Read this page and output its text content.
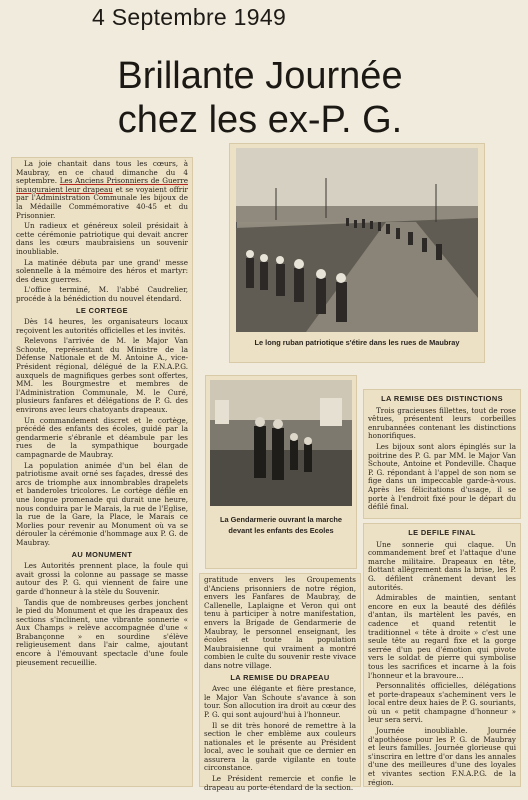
4 Septembre 1949
Brillante Journée
chez les ex-P. G.

La joie chantait dans tous les cœurs, à Maubray, en ce chaud dimanche du 4 septembre. Les Anciens Prisonniers de Guerre inauguraient leur drapeau et se voyaient offrir par l'Administration Communale les bijoux de la Médaille Commémorative 40-45 et du Prisonnier.

Un radieux et généreux soleil présidait à cette cérémonie patriotique qui devait ancrer dans les cœurs maubraisiens un souvenir inoubliable.

La matinée débuta par une grand' messe solennelle à la mémoire des héros et martyr: des deux guerres.

L'office terminé, M. l'abbé Caudrelier, procéde à la bénédiction du nouvel étendard.

LE CORTEGE

Dès 14 heures, les organisateurs locaux reçoivent les autorités officielles et les invités.

Relevons l'arrivée de M. le Major Van Schoute, représentant du Ministre de la Défense Nationale et de M. Antoine A., vice-Président régional, délégué de la F.N.A.P.G. auxquels de magnifiques gerbes sont offertes, MM. les Bourgmestre et membres de l'Administration Communale, M. le Curé, plusieurs fanfares et délégations de P. G. des environs avec leurs chatoyants drapeaux.

Un commandement discret et le cortège, précédé des enfants des écoles, guidé par la gendarmerie s'ébranle et déambule par les rues de la sympathique bourgade campagnarde de Maubray.

La population animée d'un bel élan de patriotisme avait orné ses façades, dressé des arcs de triomphe aux innombrables drapelets et banderoles tricolores. Le cortège défile en une longue promenade qui durait une heure, nous conduira par le Marais, la rue de l'Eglise, la rue de la Gare, la Place, le Marais ce Morlies pour revenir au Monument où va se dérouler la cérémonie d'hommage aux P. G. de Maubray.

AU MONUMENT

Les Autorités prennent place, la foule qui avait grossi la colonne au passage se masse autour des P. G. qui viennent de faire une garde d'honneur à la stèle du Souvenir.

Tandis que de nombreuses gerbes jonchent le pied du Monument et que les drapeaux des sections s'inclinent, une vibrante sonnerie « Aux Champs » relève accompagnée d'une « Brabançonne » en sourdine s'élève religieusement dans l'air calme, ajoutant encore à l'émouvant spectacle d'une foule pieusement recueillie.

Le long ruban patriotique s'étire dans les rues de Maubray
La Gendarmerie ouvrant la marche devant les enfants des Ecoles

gratitude envers les Groupements d'Anciens prisonniers de notre région, envers les Fanfares de Maubray, de Callenelle, Laplaigne et Veron qui ont tenu à participer à notre manifestation, envers la Brigade de Gendarmerie de Maubray, le personnel enseignant, les écoles et toute la population Maubraisienne qui vraiment a montré combien le culte du souvenir reste vivace dans notre village.

LA REMISE DU DRAPEAU

Avec une élégante et fière prestance, le Major Van Schoute s'avance à son tour. Son allocution ira droit au cœur des P. G. qui sont aujourd'hui à l'honneur.

Il se dit très honoré de remettre à la section le cher emblème aux couleurs nationales et le présente au Président local, avec le souhait que ce dernier en assurera la garde vigilante en toute circonstance.

Le Président remercie et confie le drapeau au porte-étendard de la section.

LA REMISE DES DISTINCTIONS

Trois gracieuses fillettes, tout de rose vêtues, présentent leurs corbeilles enrubannées contenant les distinctions honorifiques.

Les bijoux sont alors épinglés sur la poitrine des P. G. par MM. le Major Van Schoute, Antoine et Pondeville. Chaque P. G. répondant à l'appel de son nom se fige dans un impeccable garde-à-vous. Après les félicitations d'usage, il se porte à l'endroit fixé pour le départ du défilé final.

LE DEFILE FINAL

Une sonnerie qui claque. Un commandement bref et l'attaque d'une marche militaire. Drapeaux en tête, flottant allègrement dans la brise, les P. G. défilent crânement devant les autorités.

Admirables de maintien, sentant encore en eux la beauté des défilés d'antan, ils martèlent les pavés, en cadence et quand retentit le traditionnel « tête à droite » c'est une seule tête au regard fixe et la gorge serrée d'un peu d'émotion qui pivote vers le soldat de pierre qui symbolise tous les sacrifices et incarne à la fois l'honneur et la bravoure…

Personnalités officielles, délégations et porte-drapeaux s'acheminent vers le local entre deux haies de P. G. souriants, où un « petit champagne d'honneur » leur sera servi.

Journée inoubliable. Journée d'apothéose pour les P. G. de Maubray et leurs familles. Journée glorieuse qui s'inscrira en lettre d'or dans les annales d'une des meilleures d'une des loyales et vivantes section F.N.A.P.G. de la région.
